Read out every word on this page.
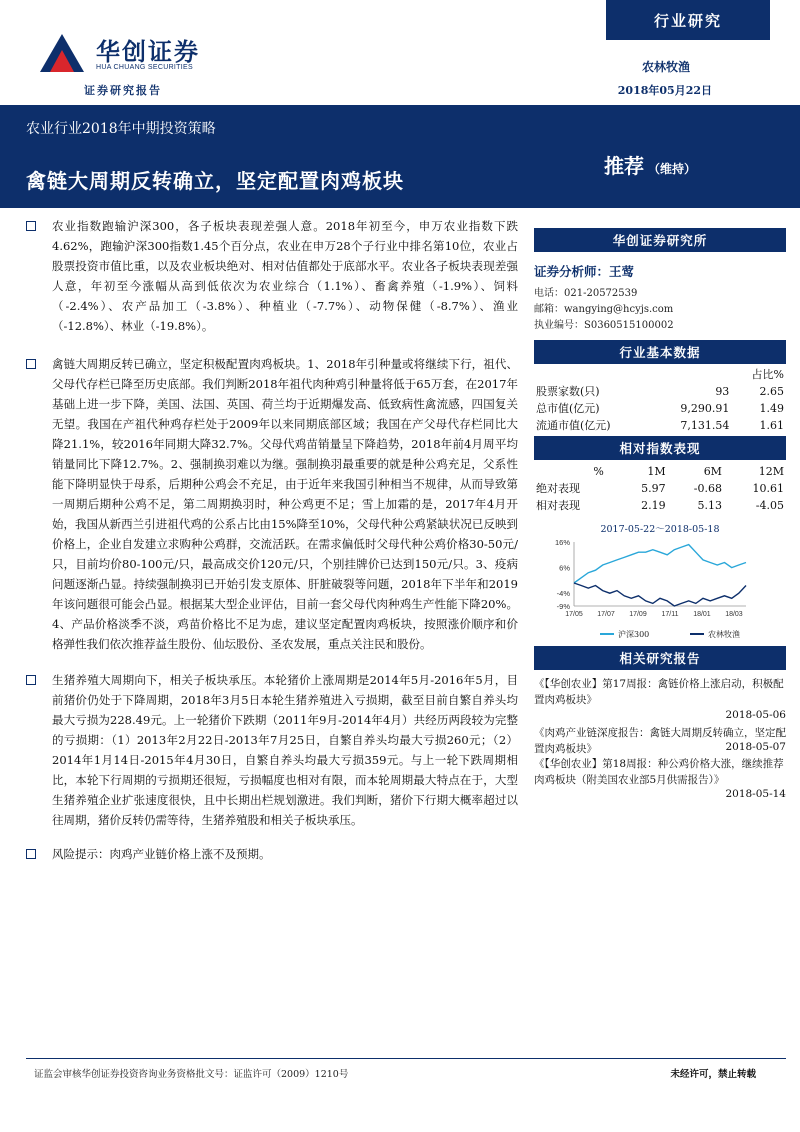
华创证券
HUA CHUANG SECURITIES
证券研究报告
行业研究
农林牧渔
2018年05月22日
农业行业2018年中期投资策略
禽链大周期反转确立，坚定配置肉鸡板块
推荐 （维持）
农业指数跑输沪深300，各子板块表现差强人意。2018年初至今，申万农业指数下跌4.62%，跑输沪深300指数1.45个百分点，农业在申万28个子行业中排名第10位，农业占股票投资市值比重，以及农业板块绝对、相对估值都处于底部水平。农业各子板块表现差强人意，年初至今涨幅从高到低依次为农业综合（1.1%）、畜禽养殖（-1.9%）、饲料（-2.4%）、农产品加工（-3.8%）、种植业（-7.7%）、动物保健（-8.7%）、渔业（-12.8%）、林业（-19.8%）。
禽链大周期反转已确立，坚定积极配置肉鸡板块。1、2018年引种量或将继续下行，祖代、父母代存栏已降至历史底部。我们判断2018年祖代肉种鸡引种量将低于65万套，在2017年基础上进一步下降，美国、法国、英国、荷兰均于近期爆发高、低致病性禽流感，四国复关无望。我国在产祖代种鸡存栏处于2009年以来同期底部区域；我国在产父母代存栏同比大降21.1%，较2016年同期大降32.7%。父母代鸡苗销量呈下降趋势，2018年前4月周平均销量同比下降12.7%。2、强制换羽难以为继。强制换羽最重要的就是种公鸡充足，父系性能下降明显快于母系，后期种公鸡会不充足，由于近年来我国引种相当不规律，从而导致第一周期后期种公鸡不足，第二周期换羽时，种公鸡更不足；雪上加霜的是，2017年4月开始，我国从新西兰引进祖代鸡的公系占比由15%降至10%，父母代种公鸡紧缺状况已反映到价格上，企业自发建立求购种公鸡群，交流活跃。在需求偏低时父母代种公鸡价格30-50元/只，目前均价80-100元/只，最高成交价120元/只，个别挂牌价已达到150元/只。3、疫病问题逐渐凸显。持续强制换羽已开始引发支原体、肝脏破裂等问题，2018年下半年和2019年该问题很可能会凸显。根据某大型企业评估，目前一套父母代肉种鸡生产性能下降20%。4、产品价格淡季不淡，鸡苗价格比不足为虑，建议坚定配置肉鸡板块，按照涨价顺序和价格弹性我们依次推荐益生股份、仙坛股份、圣农发展，重点关注民和股份。
生猪养殖大周期向下，相关子板块承压。本轮猪价上涨周期是2014年5月-2016年5月，目前猪价仍处于下降周期，2018年3月5日本轮生猪养殖进入亏损期，截至目前自繁自养头均最大亏损为228.49元。上一轮猪价下跌期（2011年9月-2014年4月）共经历两段较为完整的亏损期：（1）2013年2月22日-2013年7月25日，自繁自养头均最大亏损260元；（2）2014年1月14日-2015年4月30日，自繁自养头均最大亏损359元。与上一轮下跌周期相比，本轮下行周期的亏损期还很短，亏损幅度也相对有限，而本轮周期最大特点在于，大型生猪养殖企业扩张速度很快，且中长期出栏规划激进。我们判断，猪价下行期大概率超过以往周期，猪价反转仍需等待，生猪养殖股和相关子板块承压。
风险提示：肉鸡产业链价格上涨不及预期。
华创证券研究所
证券分析师：王莺
电话：021-20572539
邮箱：wangying@hcyjs.com
执业编号：S0360515100002
行业基本数据
		占比%
股票家数(只)	93	2.65
总市值(亿元)	9,290.91	1.49
流通市值(亿元)	7,131.54	1.61
相对指数表现
%	1M	6M	12M
绝对表现	5.97	-0.68	10.61
相对表现	2.19	5.13	-4.05
2017-05-22～2018-05-18
16%
6%
-4%
-9%
17/05 17/07 17/09 17/11 18/01 18/03
沪深300	农林牧渔
相关研究报告
《【华创农业】第17周报：禽链价格上涨启动，积极配置肉鸡板块》
2018-05-06
《肉鸡产业链深度报告：禽链大周期反转确立，坚定配置肉鸡板块》	2018-05-07
《【华创农业】第18周报：种公鸡价格大涨，继续推荐肉鸡板块（附美国农业部5月供需报告）》
2018-05-14
证监会审核华创证券投资咨询业务资格批文号：证监许可（2009）1210号	未经许可，禁止转载
